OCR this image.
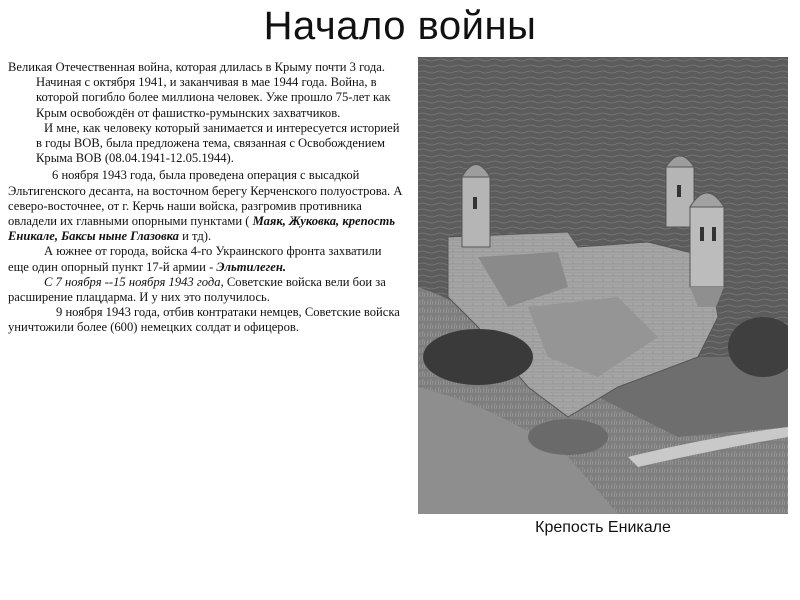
Начало войны

Великая Отечественная война, которая длилась в Крыму почти 3 года. Начиная с октября 1941, и заканчивая в мае 1944 года. Война, в которой погибло более миллиона человек. Уже прошло 75-лет как Крым освобождён от фашистко-румынских захватчиков.

И мне, как человеку который занимается и интересуется историей в годы ВОВ, была предложена тема, связанная с Освобождением Крыма ВОВ (08.04.1941-12.05.1944).

6 ноября 1943 года, была проведена операция с высадкой Эльтигенского десанта, на восточном берегу Керченского полуострова. А северо-восточнее, от г. Керчь наши войска, разгромив противника овладели их главными опорными пунктами ( Маяк, Жуковка, крепость Еникале, Баксы ныне Глазовка и тд).

А южнее от города, войска 4-го Украинского фронта захватили еще один опорный пункт 17-й армии - Эльтилеген.

С 7 ноября --15 ноября 1943 года, Советские войска вели бои за расширение плацдарма. И у них это получилось.

9 ноября 1943 года, отбив контратаки немцев, Советские войска уничтожили более (600) немецких солдат и офицеров.

Крепость Еникале
